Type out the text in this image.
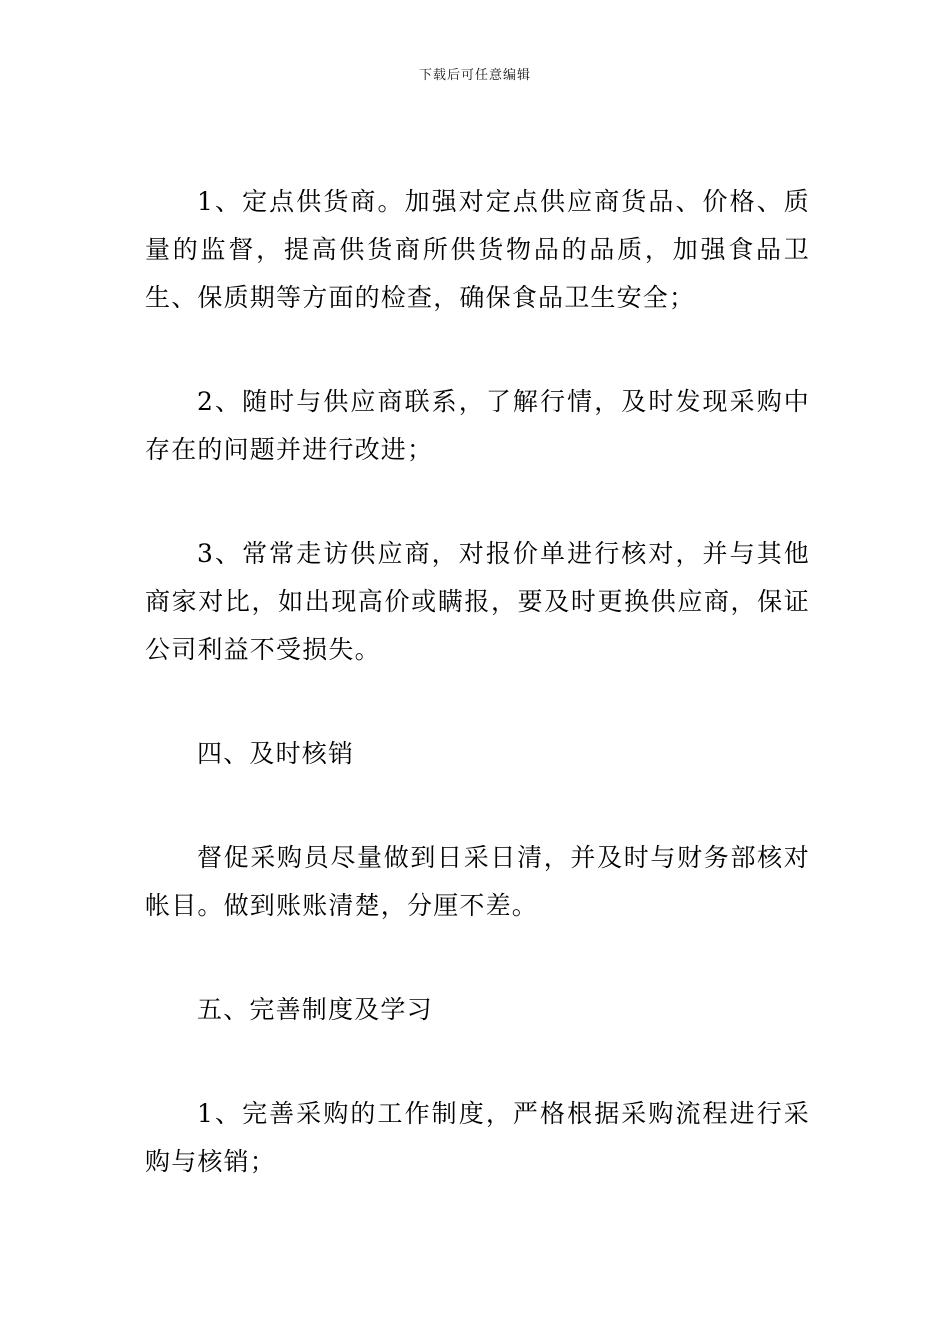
下载后可任意编辑

1、定点供货商。加强对定点供应商货品、价格、质量的监督，提高供货商所供货物品的品质，加强食品卫生、保质期等方面的检查，确保食品卫生安全；

2、随时与供应商联系，了解行情，及时发现采购中存在的问题并进行改进；

3、常常走访供应商，对报价单进行核对，并与其他商家对比，如出现高价或瞒报，要及时更换供应商，保证公司利益不受损失。

四、及时核销

督促采购员尽量做到日采日清，并及时与财务部核对帐目。做到账账清楚，分厘不差。

五、完善制度及学习

1、完善采购的工作制度，严格根据采购流程进行采购与核销；
